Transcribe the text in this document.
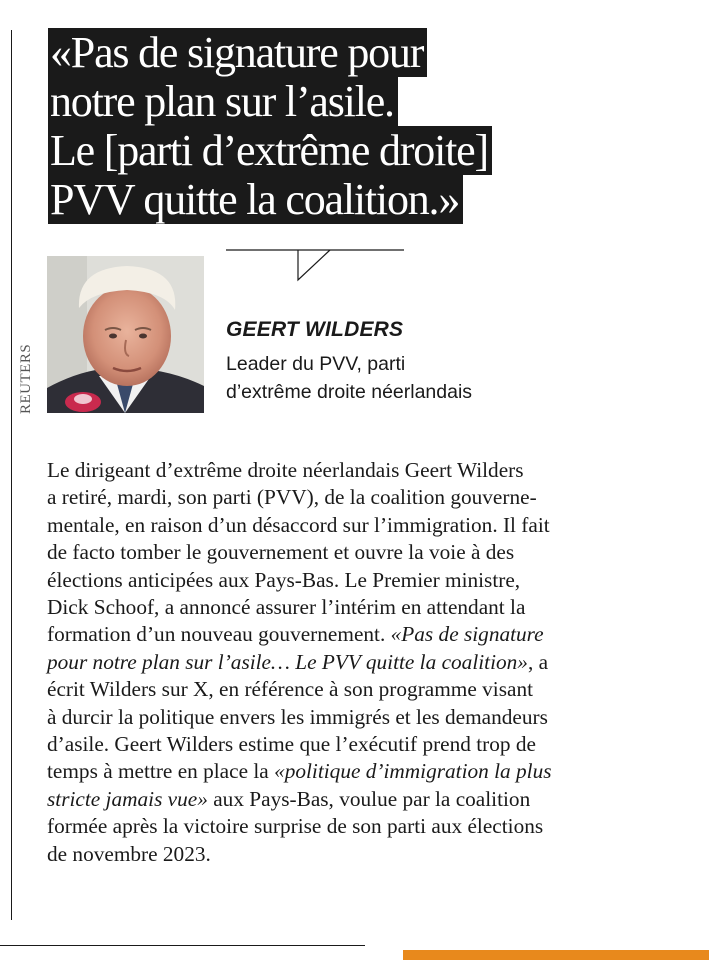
«Pas de signature pour
notre plan sur l’asile.
Le [parti d’extrême droite]
PVV quitte la coalition.»
REUTERS
GEERT WILDERS
Leader du PVV, parti
d’extrême droite néerlandais
Le dirigeant d’extrême droite néerlandais Geert Wilders
a retiré, mardi, son parti (PVV), de la coalition gouverne-
mentale, en raison d’un désaccord sur l’immigration. Il fait
de facto tomber le gouvernement et ouvre la voie à des
élections anticipées aux Pays-Bas. Le Premier ministre,
Dick Schoof, a annoncé assurer l’intérim en attendant la
formation d’un nouveau gouvernement. «Pas de signature
pour notre plan sur l’asile… Le PVV quitte la coalition», a
écrit Wilders sur X, en référence à son programme visant
à durcir la politique envers les immigrés et les demandeurs
d’asile. Geert Wilders estime que l’exécutif prend trop de
temps à mettre en place la «politique d’immigration la plus
stricte jamais vue» aux Pays-Bas, voulue par la coalition
formée après la victoire surprise de son parti aux élections
de novembre 2023.
